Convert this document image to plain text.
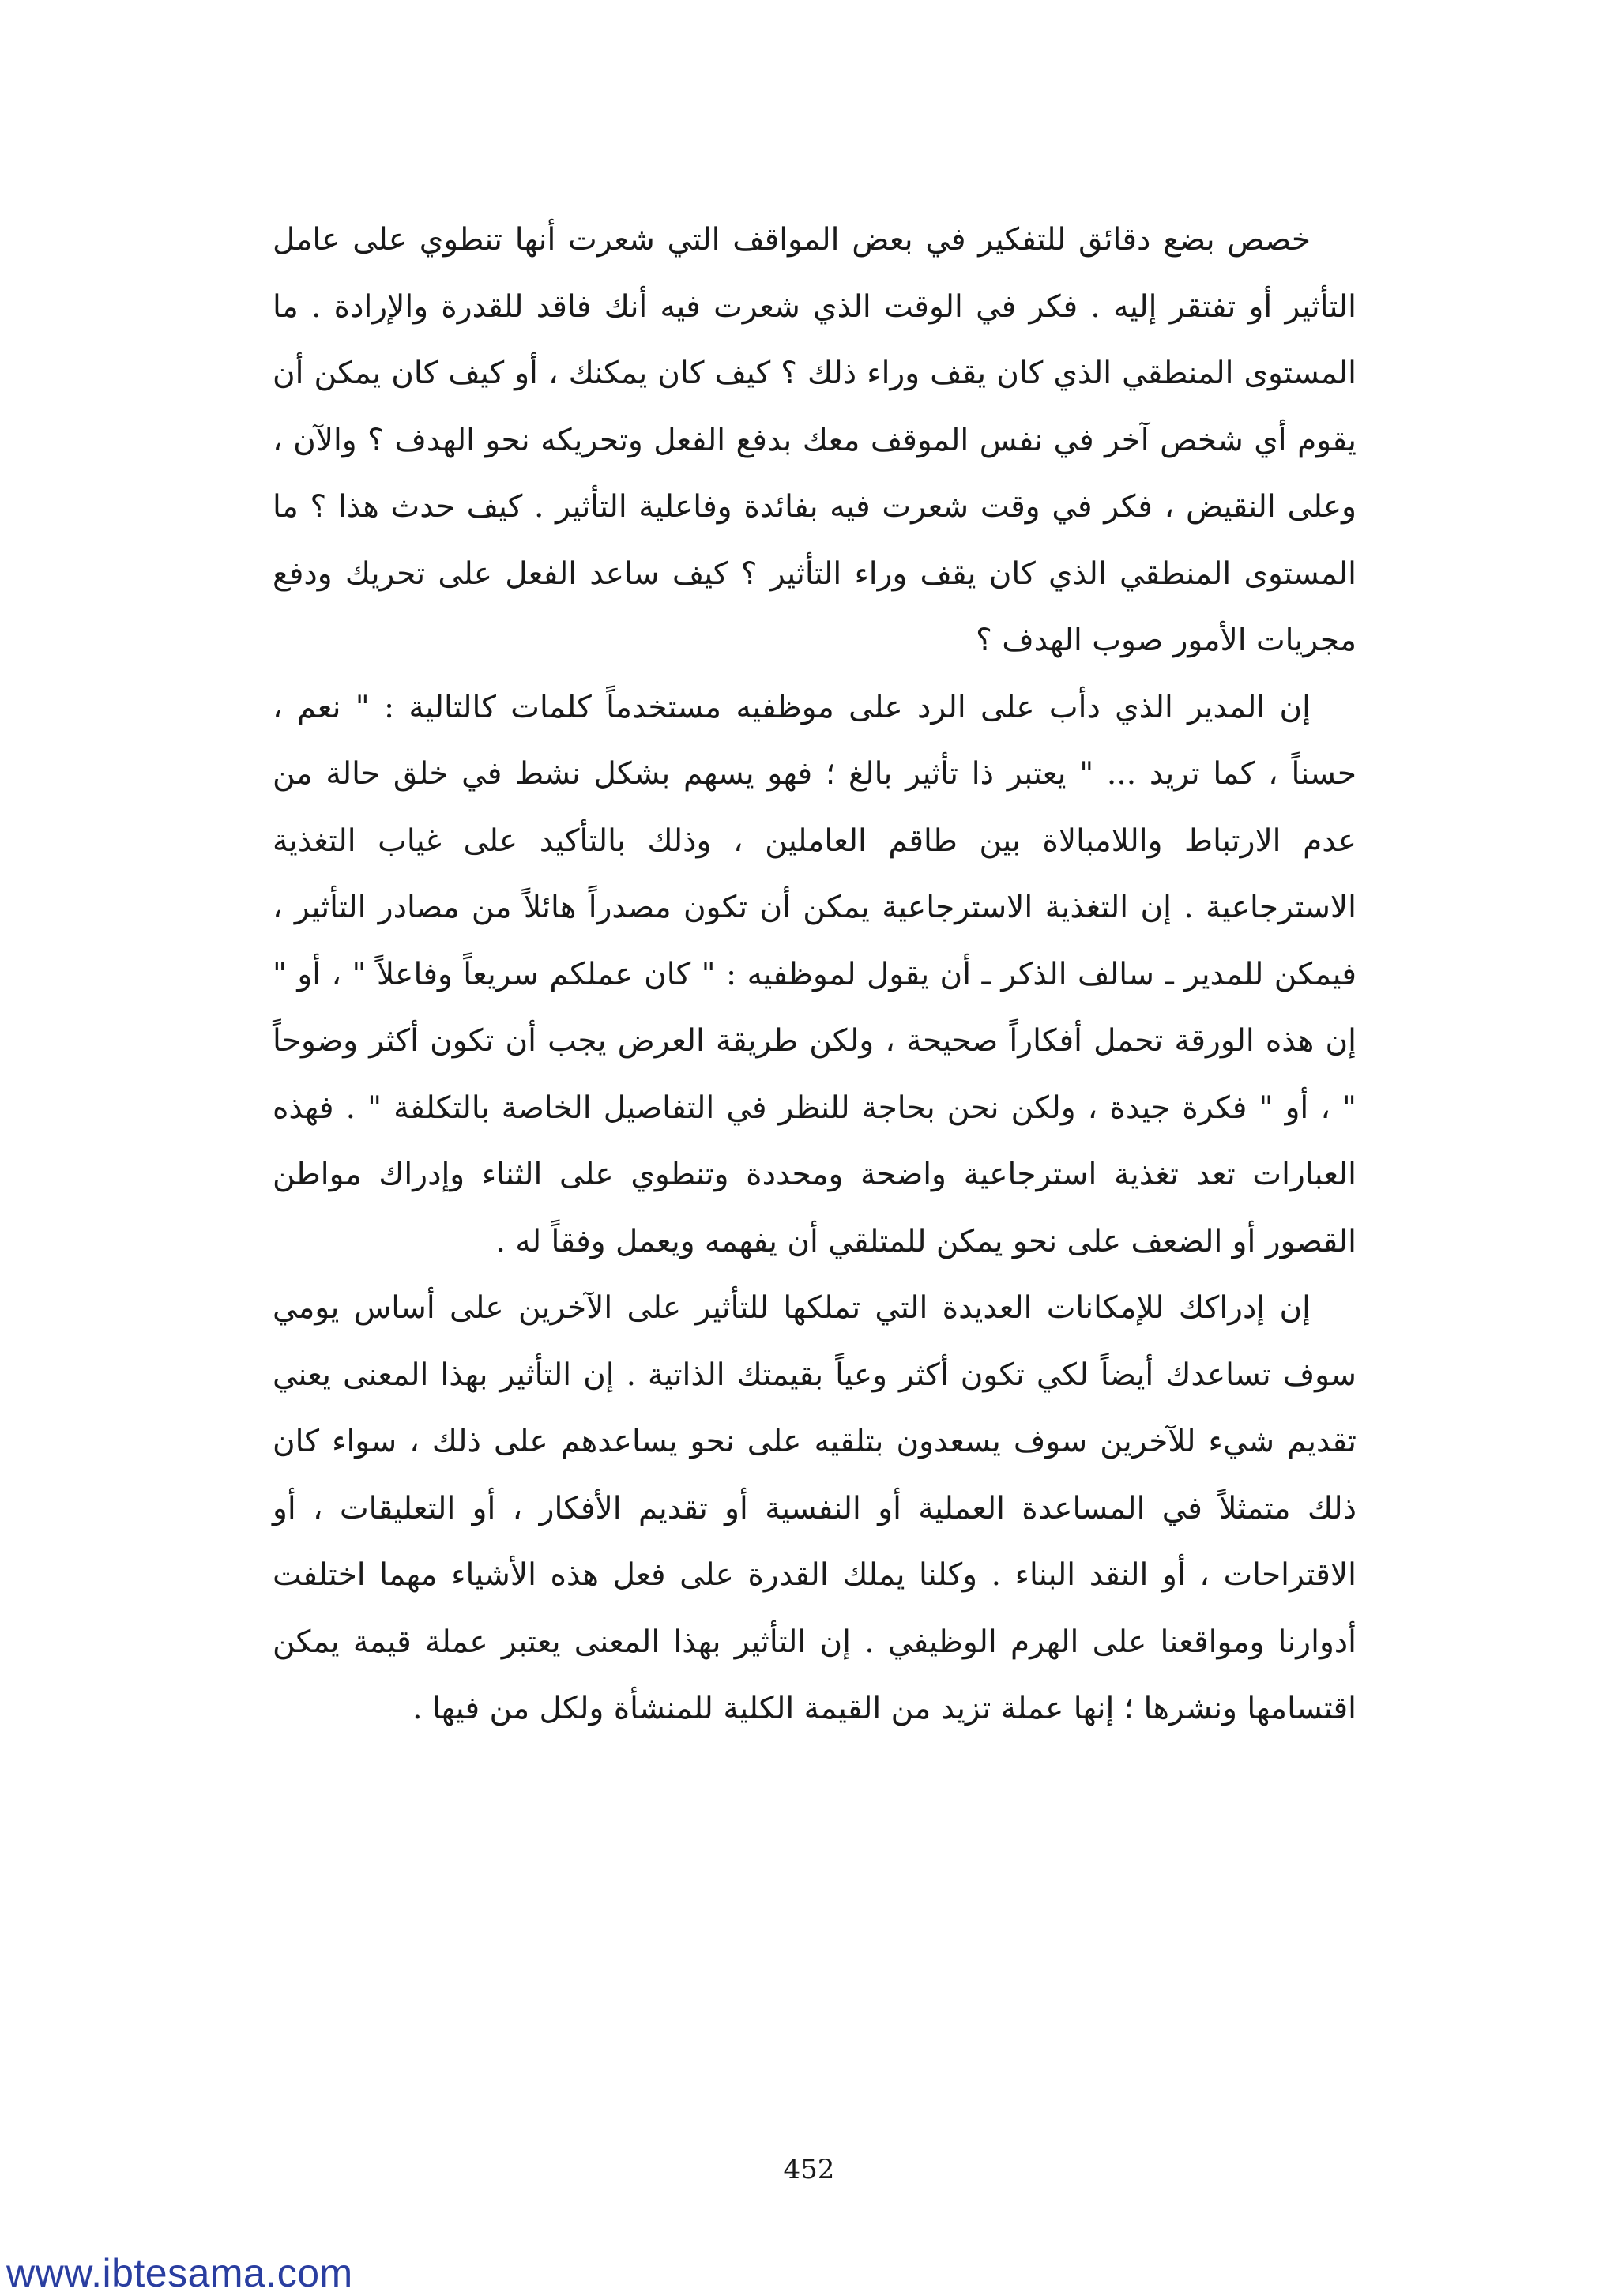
خصص بضع دقائق للتفكير في بعض المواقف التي شعرت أنها تنطوي على عامل التأثير أو تفتقر إليه . فكر في الوقت الذي شعرت فيه أنك فاقد للقدرة والإرادة . ما المستوى المنطقي الذي كان يقف وراء ذلك ؟ كيف كان يمكنك ، أو كيف كان يمكن أن يقوم أي شخص آخر في نفس الموقف معك بدفع الفعل وتحريكه نحو الهدف ؟ والآن ، وعلى النقيض ، فكر في وقت شعرت فيه بفائدة وفاعلية التأثير . كيف حدث هذا ؟ ما المستوى المنطقي الذي كان يقف وراء التأثير ؟ كيف ساعد الفعل على تحريك ودفع مجريات الأمور صوب الهدف ؟

إن المدير الذي دأب على الرد على موظفيه مستخدماً كلمات كالتالية : " نعم ، حسناً ، كما تريد ... " يعتبر ذا تأثير بالغ ؛ فهو يسهم بشكل نشط في خلق حالة من عدم الارتباط واللامبالاة بين طاقم العاملين ، وذلك بالتأكيد على غياب التغذية الاسترجاعية . إن التغذية الاسترجاعية يمكن أن تكون مصدراً هائلاً من مصادر التأثير ، فيمكن للمدير ـ سالف الذكر ـ أن يقول لموظفيه : " كان عملكم سريعاً وفاعلاً " ، أو " إن هذه الورقة تحمل أفكاراً صحيحة ، ولكن طريقة العرض يجب أن تكون أكثر وضوحاً " ، أو " فكرة جيدة ، ولكن نحن بحاجة للنظر في التفاصيل الخاصة بالتكلفة " . فهذه العبارات تعد تغذية استرجاعية واضحة ومحددة وتنطوي على الثناء وإدراك مواطن القصور أو الضعف على نحو يمكن للمتلقي أن يفهمه ويعمل وفقاً له .

إن إدراكك للإمكانات العديدة التي تملكها للتأثير على الآخرين على أساس يومي سوف تساعدك أيضاً لكي تكون أكثر وعياً بقيمتك الذاتية . إن التأثير بهذا المعنى يعني تقديم شيء للآخرين سوف يسعدون بتلقيه على نحو يساعدهم على ذلك ، سواء كان ذلك متمثلاً في المساعدة العملية أو النفسية أو تقديم الأفكار ، أو التعليقات ، أو الاقتراحات ، أو النقد البناء . وكلنا يملك القدرة على فعل هذه الأشياء مهما اختلفت أدوارنا ومواقعنا على الهرم الوظيفي . إن التأثير بهذا المعنى يعتبر عملة قيمة يمكن اقتسامها ونشرها ؛ إنها عملة تزيد من القيمة الكلية للمنشأة ولكل من فيها .

452
www.ibtesama.com
